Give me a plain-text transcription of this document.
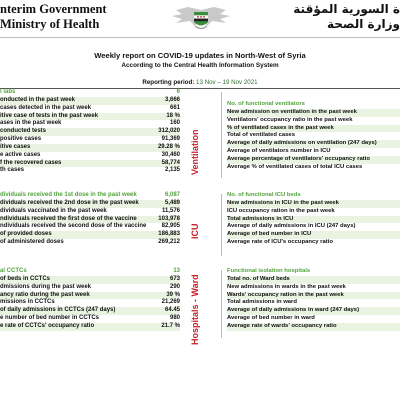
nterim Government
Ministry of Health
ة السورية المؤقتة
وزارة الصحة
Weekly report on COVID-19 updates in North-West of Syria
According to the Central Health Information System
Reporting period: 13 Nov – 19 Nov 2021
l labs	6
onducted in the past week	3,666
cases detected in the past week	661
itive case of tests in the past week	18 %
ases in the past week	160
conducted tests	312,020
positive cases	91,369
itive cases	29.28 %
e active cases	30,460
f the recovered cases	58,774
th cases	2,135
dividuals received the 1st dose in the past week	6,087
dividuals received the 2nd dose in the past week	5,489
dividuals vaccinated in the past week	11,576
ndividuals received the first dose of the vaccine	103,978
ndividuals received the second dose of the vaccine	82,905
of provided doses	186,883
of administered doses	269,212
al CCTCs	13
of beds in CCTCs	673
dmissions during the past week	290
ancy ratio during the past week	39 %
missions in CCTCs	21,269
of daily admissions in CCTCs (247 days)	64.45
e number of bed number in CCTCs	980
e rate of CCTCs' occupancy ratio	21.7 %
Ventilation
ICU
Hospitals - Ward
No. of functional ventilators
New admission on ventilation in the past week
Ventilators' occupancy ratio in the past week
% of ventilated cases in the past week
Total of ventilated cases
Average of daily admissions on ventilation (247 days)
Average of ventilators number in ICU
Average percentage of ventilators' occupancy ratio
Average % of ventilated cases of total ICU cases
No. of functional ICU beds
New admissions in ICU in the past week
ICU occupancy ration in the past week
Total admissions in ICU
Average of daily admissions in ICU (247 days)
Average of bed number in ICU
Average rate of ICU's occupancy ratio
Functional isolation hospitals
Total no. of Ward beds
New admissions in wards in the past week
Wards' occupancy ration in the past week
Total admissions in ward
Average of daily admissions in ward (247 days)
Average of bed number in ward
Average rate of wards' occupancy ratio
